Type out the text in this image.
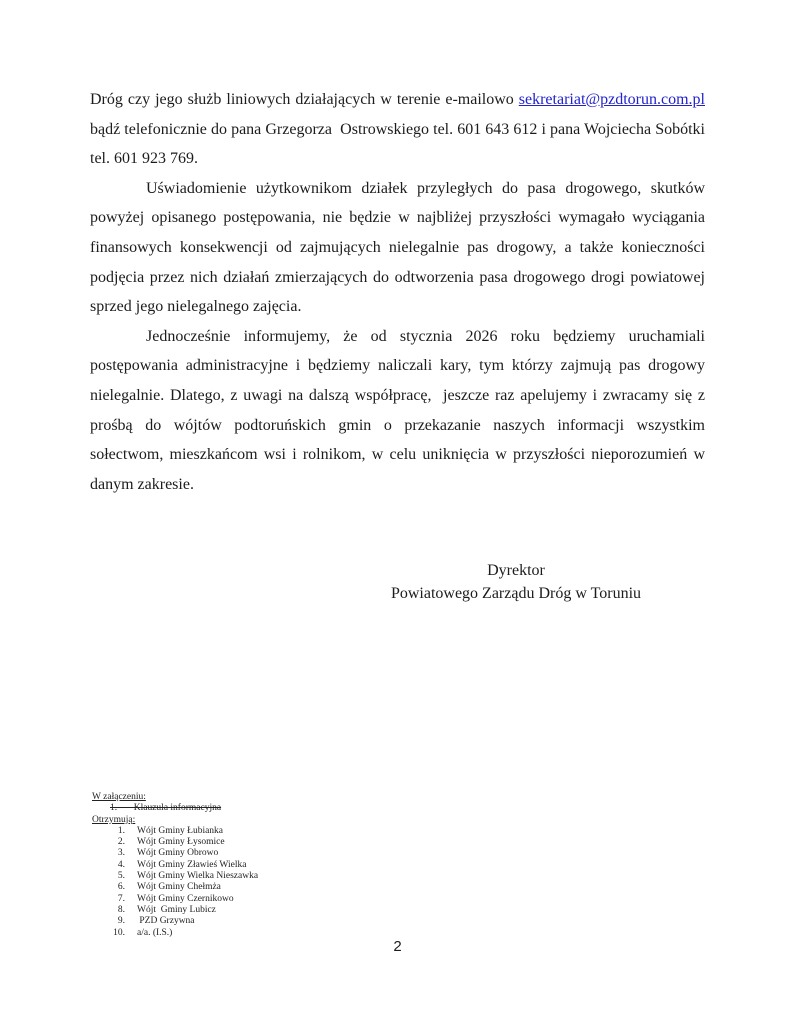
Dróg czy jego służb liniowych działających w terenie e-mailowo sekretariat@pzdtorun.com.pl bądź telefonicznie do pana Grzegorza  Ostrowskiego tel. 601 643 612 i pana Wojciecha Sobótki tel. 601 923 769.

Uświadomienie użytkownikom działek przyległych do pasa drogowego, skutków powyżej opisanego postępowania, nie będzie w najbliżej przyszłości wymagało wyciągania finansowych konsekwencji od zajmujących nielegalnie pas drogowy, a także konieczności podjęcia przez nich działań zmierzających do odtworzenia pasa drogowego drogi powiatowej sprzed jego nielegalnego zajęcia.

Jednocześnie informujemy, że od stycznia 2026 roku będziemy uruchamiali postępowania administracyjne i będziemy naliczali kary, tym którzy zajmują pas drogowy nielegalnie. Dlatego, z uwagi na dalszą współpracę,  jeszcze raz apelujemy i zwracamy się z prośbą do wójtów podtoruńskich gmin o przekazanie naszych informacji wszystkim sołectwom, mieszkańcom wsi i rolnikom, w celu uniknięcia w przyszłości nieporozumień w danym zakresie.

Dyrektor
Powiatowego Zarządu Dróg w Toruniu
W załączeniu:
1.       Klauzula informacyjna
Otrzymują:
1. Wójt Gminy Łubianka
2. Wójt Gminy Łysomice
3. Wójt Gminy Obrowo
4. Wójt Gminy Zławieś Wielka
5. Wójt Gminy Wielka Nieszawka
6. Wójt Gminy Chełmża
7. Wójt Gminy Czernikowo
8. Wójt  Gminy Lubicz
9. PZD Grzywna
10. a/a. (I.S.)
2
